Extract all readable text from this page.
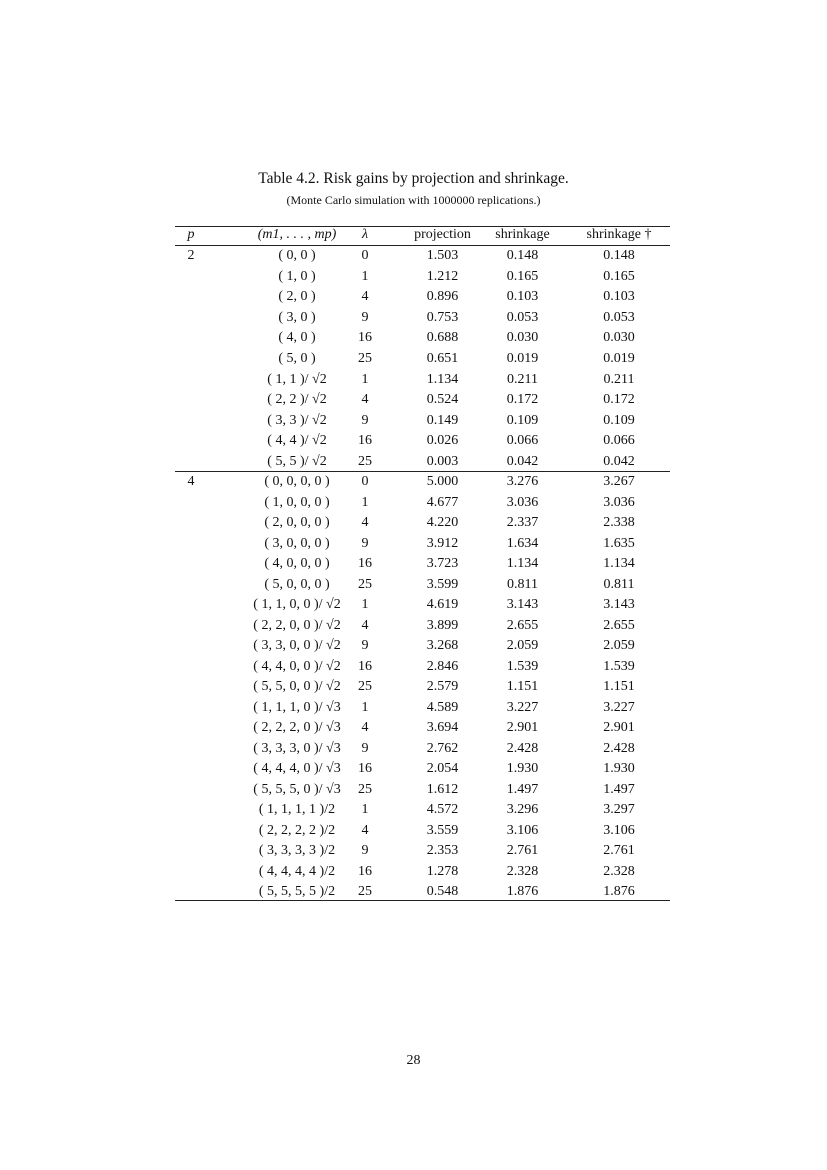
Table 4.2. Risk gains by projection and shrinkage.
(Monte Carlo simulation with 1000000 replications.)
p	(m1, . . . , mp)	λ	projection	shrinkage	shrinkage †
2	( 0, 0 )	0	1.503	0.148	0.148
( 1, 0 )	1	1.212	0.165	0.165
( 2, 0 )	4	0.896	0.103	0.103
( 3, 0 )	9	0.753	0.053	0.053
( 4, 0 )	16	0.688	0.030	0.030
( 5, 0 )	25	0.651	0.019	0.019
( 1, 1 )/ √2	1	1.134	0.211	0.211
( 2, 2 )/ √2	4	0.524	0.172	0.172
( 3, 3 )/ √2	9	0.149	0.109	0.109
( 4, 4 )/ √2	16	0.026	0.066	0.066
( 5, 5 )/ √2	25	0.003	0.042	0.042
4	( 0, 0, 0, 0 )	0	5.000	3.276	3.267
( 1, 0, 0, 0 )	1	4.677	3.036	3.036
( 2, 0, 0, 0 )	4	4.220	2.337	2.338
( 3, 0, 0, 0 )	9	3.912	1.634	1.635
( 4, 0, 0, 0 )	16	3.723	1.134	1.134
( 5, 0, 0, 0 )	25	3.599	0.811	0.811
( 1, 1, 0, 0 )/ √2	1	4.619	3.143	3.143
( 2, 2, 0, 0 )/ √2	4	3.899	2.655	2.655
( 3, 3, 0, 0 )/ √2	9	3.268	2.059	2.059
( 4, 4, 0, 0 )/ √2	16	2.846	1.539	1.539
( 5, 5, 0, 0 )/ √2	25	2.579	1.151	1.151
( 1, 1, 1, 0 )/ √3	1	4.589	3.227	3.227
( 2, 2, 2, 0 )/ √3	4	3.694	2.901	2.901
( 3, 3, 3, 0 )/ √3	9	2.762	2.428	2.428
( 4, 4, 4, 0 )/ √3	16	2.054	1.930	1.930
( 5, 5, 5, 0 )/ √3	25	1.612	1.497	1.497
( 1, 1, 1, 1 )/2	1	4.572	3.296	3.297
( 2, 2, 2, 2 )/2	4	3.559	3.106	3.106
( 3, 3, 3, 3 )/2	9	2.353	2.761	2.761
( 4, 4, 4, 4 )/2	16	1.278	2.328	2.328
( 5, 5, 5, 5 )/2	25	0.548	1.876	1.876
28
